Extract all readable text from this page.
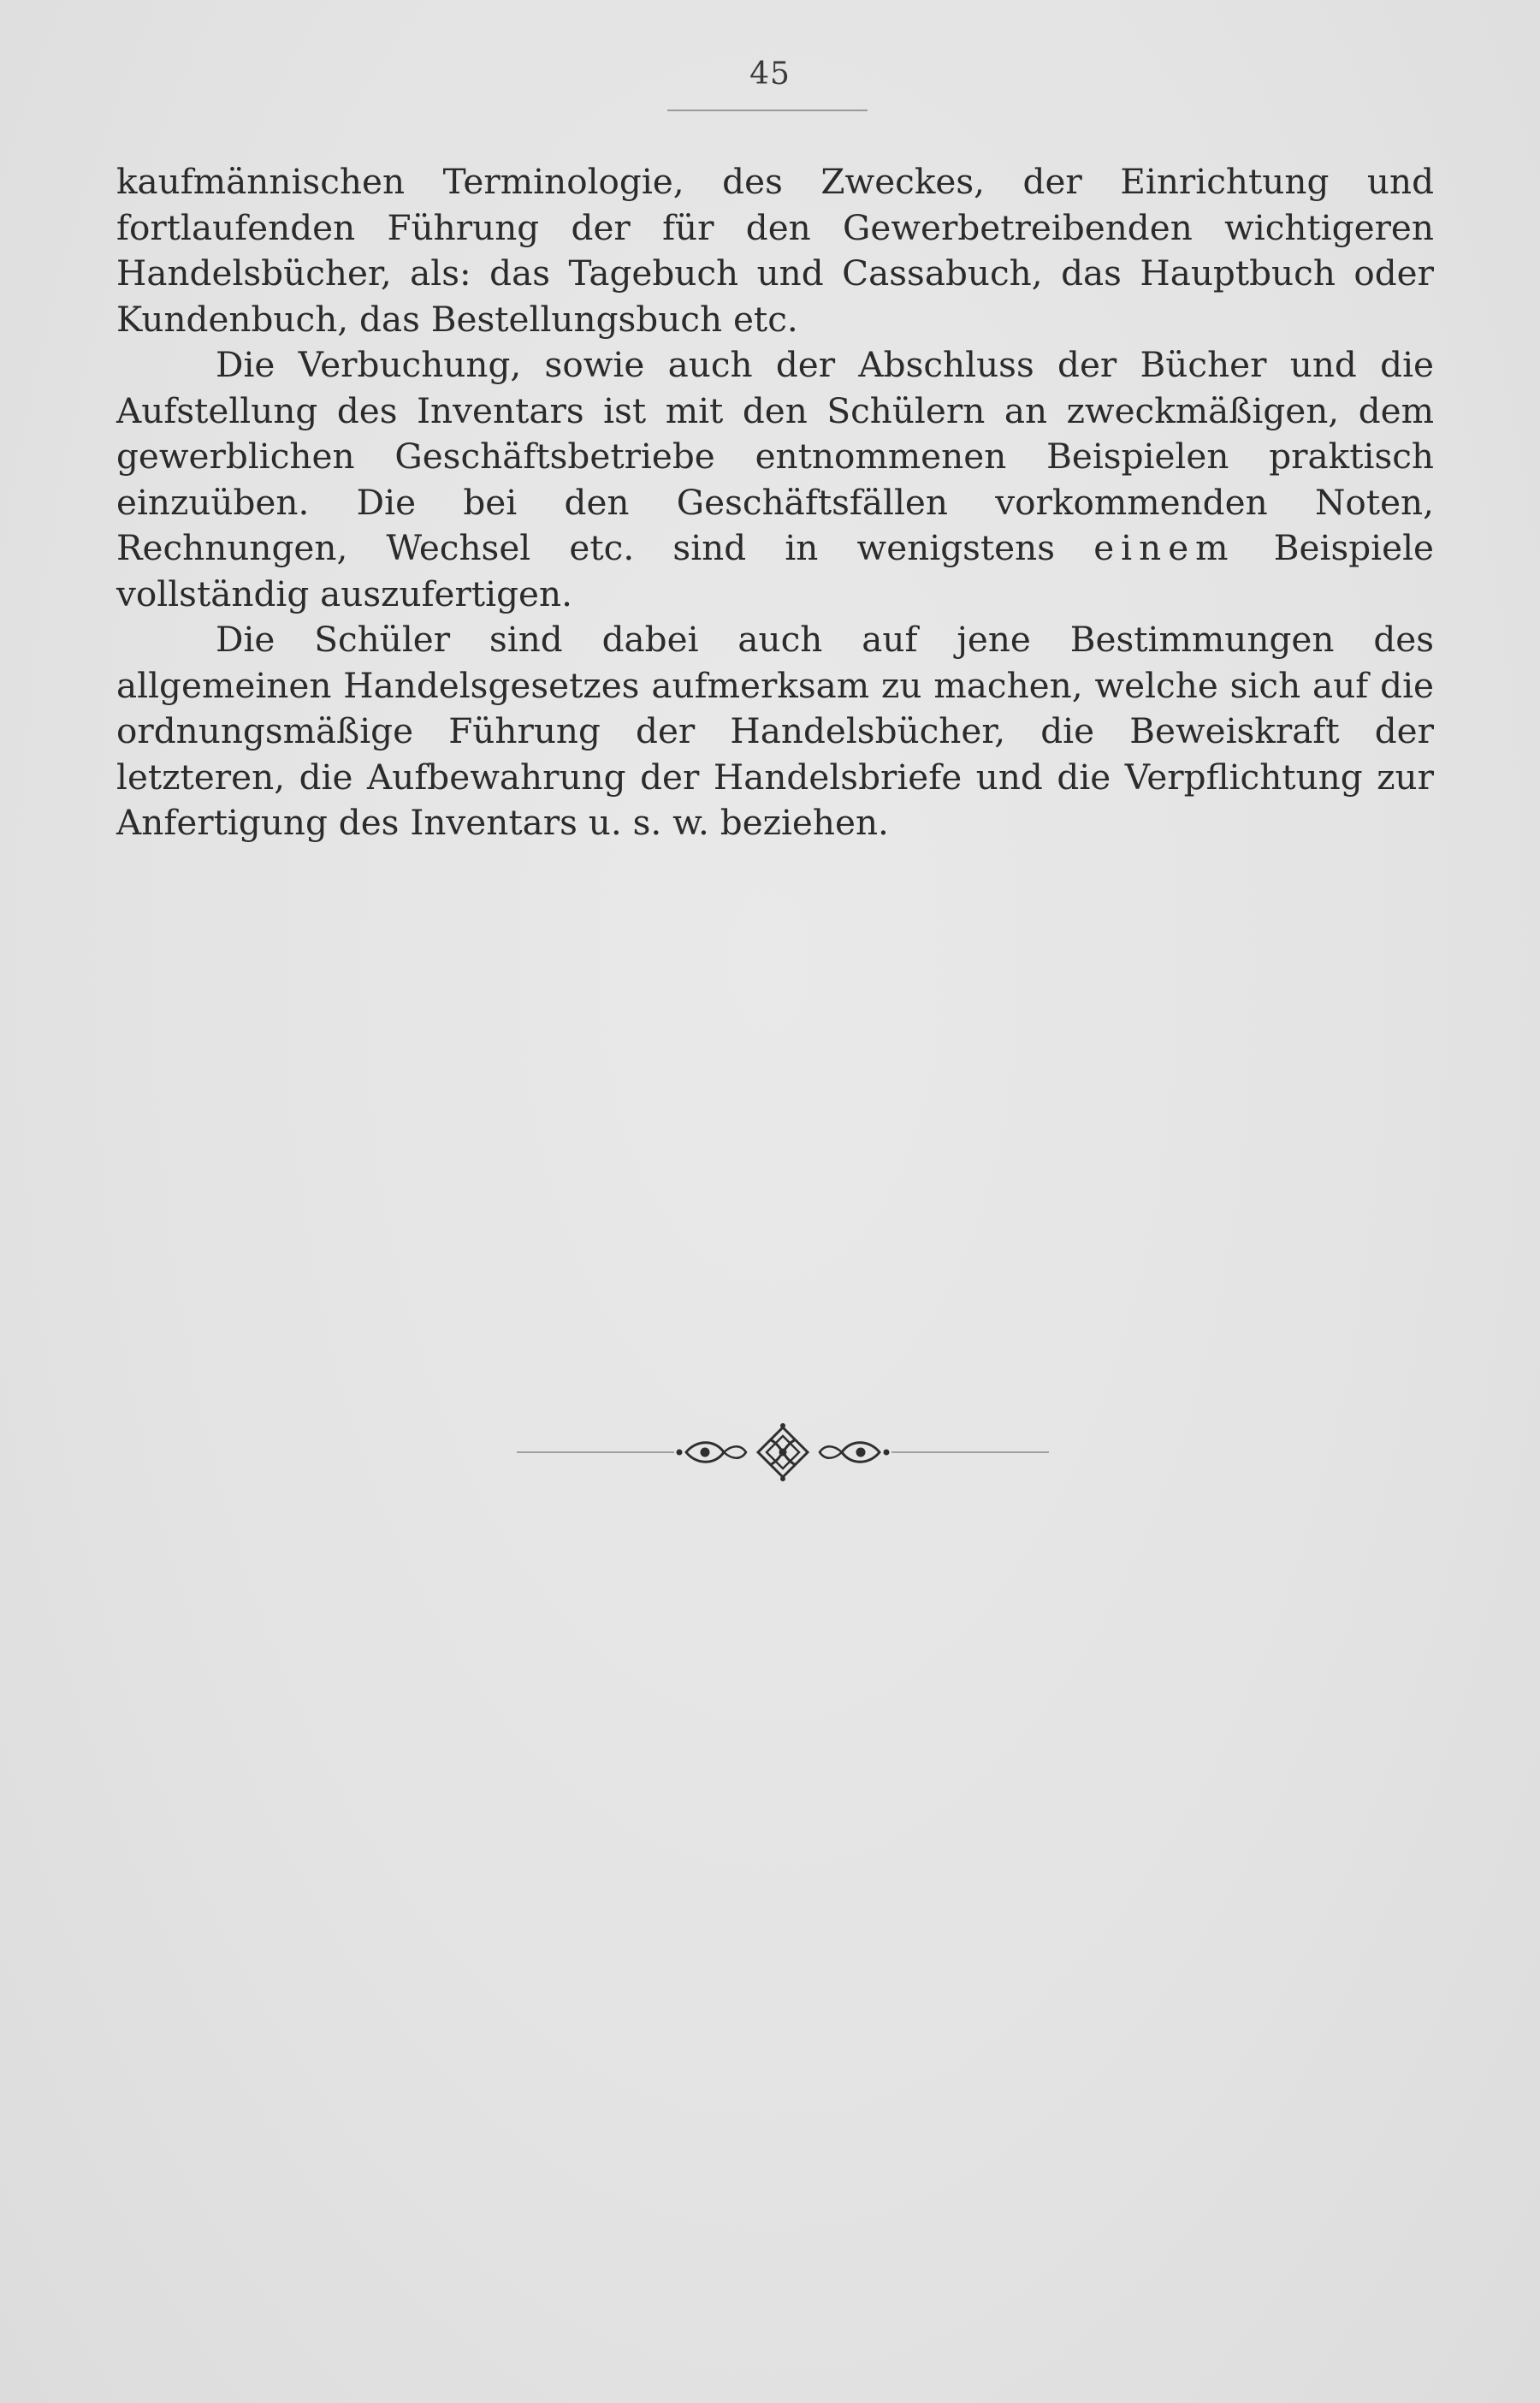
45

kaufmännischen Terminologie, des Zweckes, der Einrichtung und fortlaufenden Führung der für den Gewerbetreibenden wichtigeren Handelsbücher, als: das Tagebuch und Cassabuch, das Hauptbuch oder Kundenbuch, das Bestellungsbuch etc.

Die Verbuchung, sowie auch der Abschluss der Bücher und die Aufstellung des Inventars ist mit den Schülern an zweckmäßigen, dem gewerblichen Geschäftsbetriebe entnommenen Beispielen praktisch einzuüben. Die bei den Geschäftsfällen vorkommenden Noten, Rechnungen, Wechsel etc. sind in wenigstens einem Beispiele vollständig auszufertigen.

Die Schüler sind dabei auch auf jene Bestimmungen des allgemeinen Handelsgesetzes aufmerksam zu machen, welche sich auf die ordnungsmäßige Führung der Handelsbücher, die Beweiskraft der letzteren, die Aufbewahrung der Handelsbriefe und die Verpflichtung zur Anfertigung des Inventars u. s. w. beziehen.
